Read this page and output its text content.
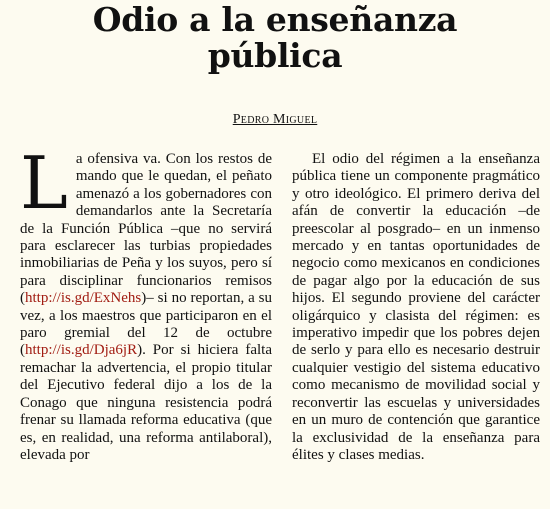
Odio a la enseñanza
pública
Pedro Miguel

La ofensiva va. Con los restos de mando que le quedan, el peñato amenazó a los gobernadores con demandarlos ante la Secretaría de la Función Pública –que no servirá para esclarecer las turbias propiedades inmobiliarias de Peña y los suyos, pero sí para disciplinar funcionarios remisos (http://is.gd/ExNehs)– si no reportan, a su vez, a los maestros que participaron en el paro gremial del 12 de octubre (http://is.gd/Dja6jR). Por si hiciera falta remachar la advertencia, el propio titular del Ejecutivo federal dijo a los de la Conago que ninguna resistencia podrá frenar su llamada reforma educativa (que es, en realidad, una reforma antilaboral), elevada por

El odio del régimen a la enseñanza pública tiene un componente pragmático y otro ideológico. El primero deriva del afán de convertir la educación –de preescolar al posgrado– en un inmenso mercado y en tantas oportunidades de negocio como mexicanos en condiciones de pagar algo por la educación de sus hijos. El segundo proviene del carácter oligárquico y clasista del régimen: es imperativo impedir que los pobres dejen de serlo y para ello es necesario destruir cualquier vestigio del sistema educativo como mecanismo de movilidad social y reconvertir las escuelas y universidades en un muro de contención que garantice la exclusividad de la enseñanza para élites y clases medias.
